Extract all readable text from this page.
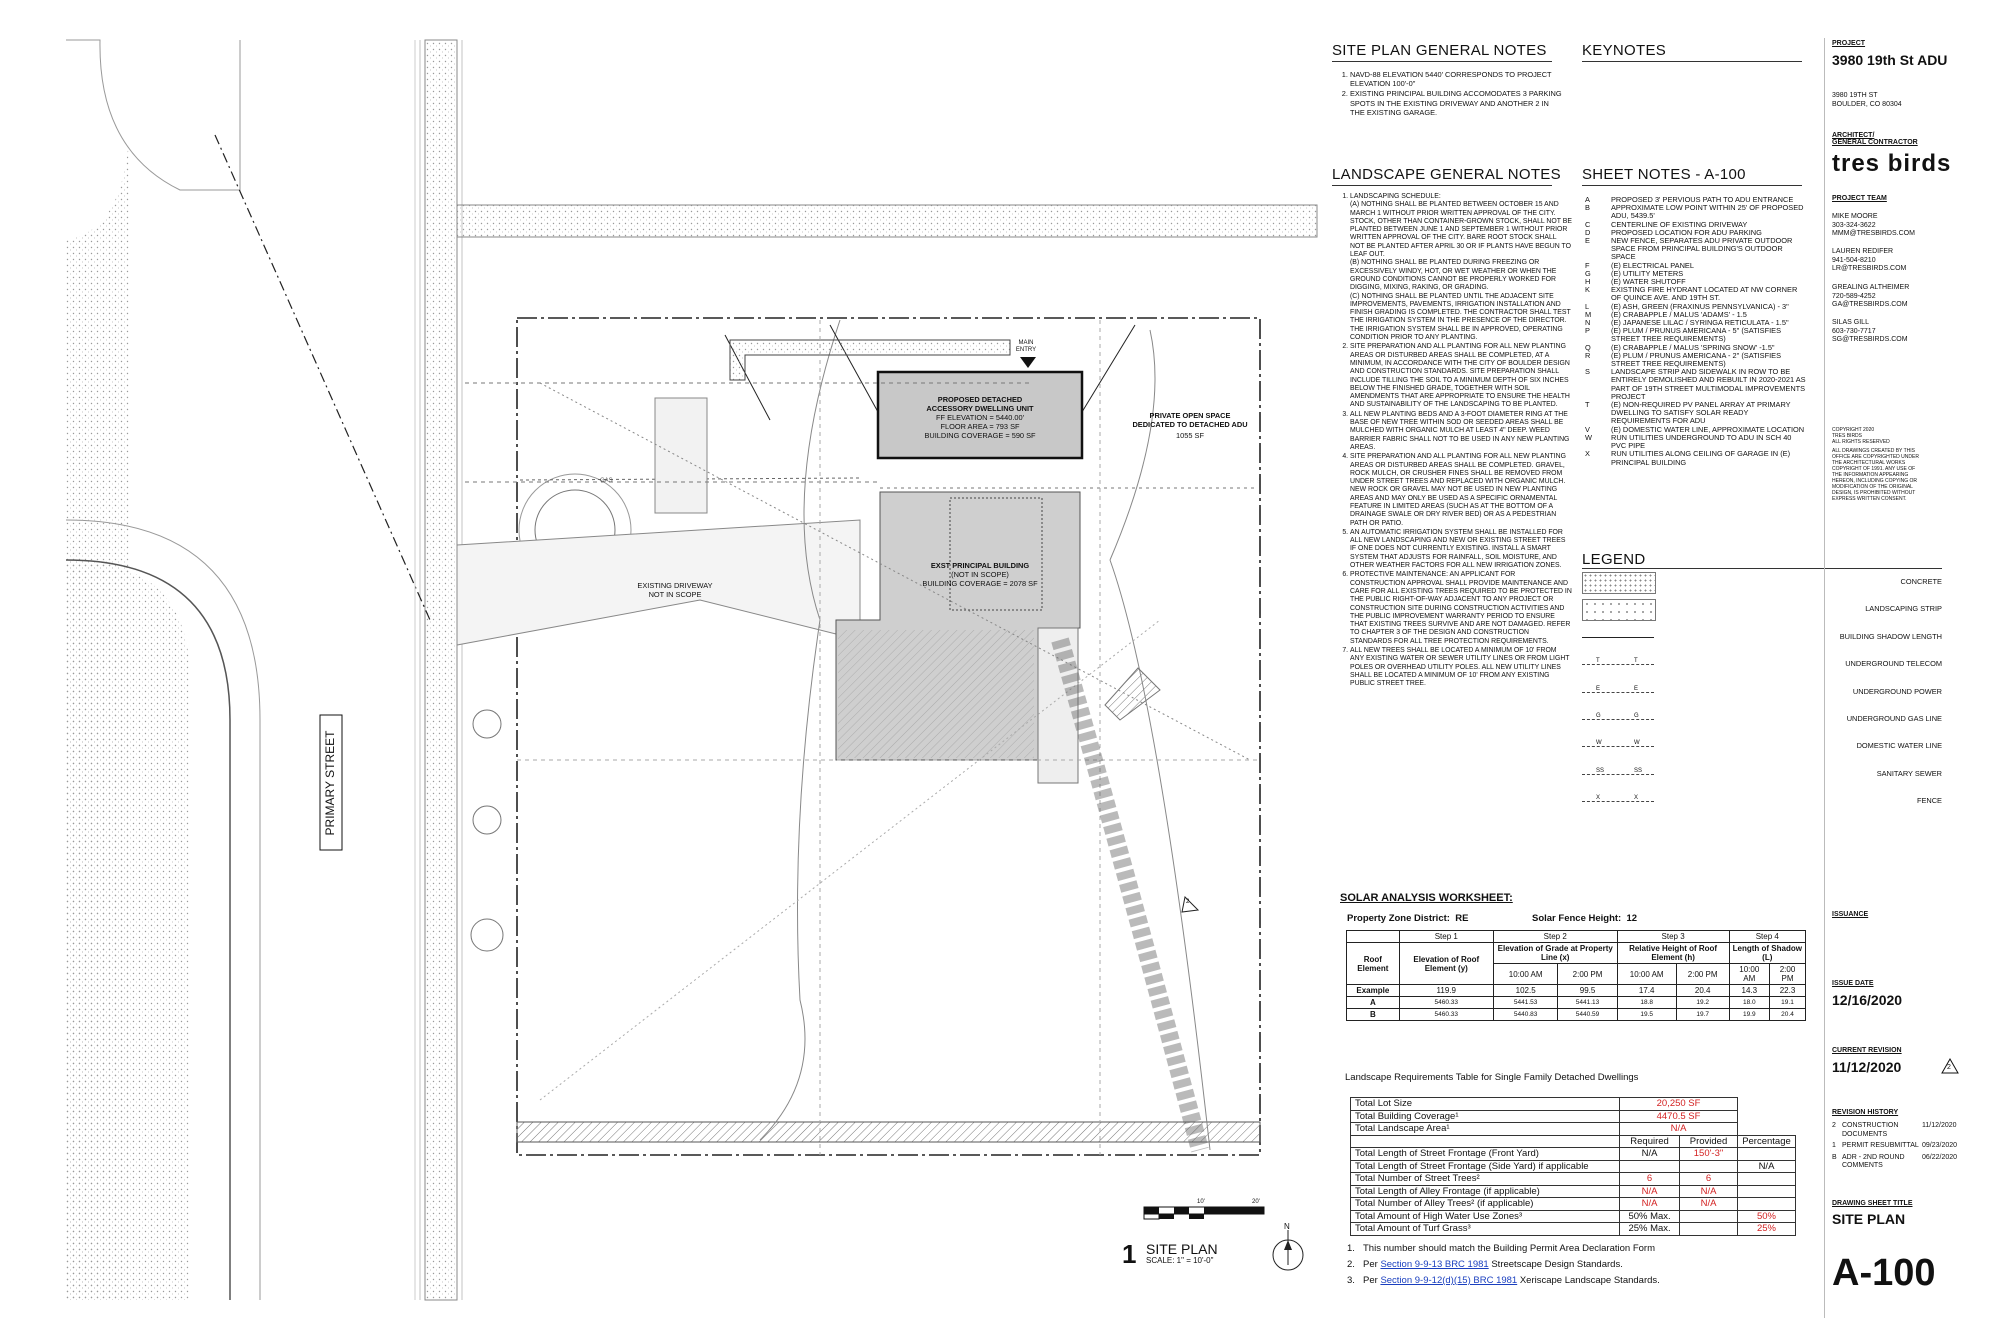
PRIMARY STREET
EXISTING DRIVEWAY
NOT IN SCOPE
PROPOSED DETACHED
ACCESSORY DWELLING UNIT
FF ELEVATION = 5440.00'
FLOOR AREA = 793 SF
BUILDING COVERAGE = 590 SF
MAIN
ENTRY
PRIVATE OPEN SPACE
DEDICATED TO DETACHED ADU
1055 SF
EXST PRINCIPAL BUILDING
(NOT IN SCOPE)
BUILDING COVERAGE = 2078 SF
GAS
2
N
10'	20'
1 SITE PLAN
SCALE: 1" = 10'-0"
SITE PLAN GENERAL NOTES
1. NAVD-88 ELEVATION 5440' CORRESPONDS TO PROJECT ELEVATION 100'-0"
2. EXISTING PRINCIPAL BUILDING ACCOMODATES 3 PARKING SPOTS IN THE EXISTING DRIVEWAY AND ANOTHER 2 IN THE EXISTING GARAGE.
KEYNOTES
LANDSCAPE GENERAL NOTES
1. LANDSCAPING SCHEDULE:
(A) NOTHING SHALL BE PLANTED BETWEEN OCTOBER 15 AND MARCH 1 WITHOUT PRIOR WRITTEN APPROVAL OF THE CITY. STOCK, OTHER THAN CONTAINER-GROWN STOCK, SHALL NOT BE PLANTED BETWEEN JUNE 1 AND SEPTEMBER 1 WITHOUT PRIOR WRITTEN APPROVAL OF THE CITY. BARE ROOT STOCK SHALL NOT BE PLANTED AFTER APRIL 30 OR IF PLANTS HAVE BEGUN TO LEAF OUT.
(B) NOTHING SHALL BE PLANTED DURING FREEZING OR EXCESSIVELY WINDY, HOT, OR WET WEATHER OR WHEN THE GROUND CONDITIONS CANNOT BE PROPERLY WORKED FOR DIGGING, MIXING, RAKING, OR GRADING.
(C) NOTHING SHALL BE PLANTED UNTIL THE ADJACENT SITE IMPROVEMENTS, PAVEMENTS, IRRIGATION INSTALLATION AND FINISH GRADING IS COMPLETED. THE CONTRACTOR SHALL TEST THE IRRIGATION SYSTEM IN THE PRESENCE OF THE DIRECTOR. THE IRRIGATION SYSTEM SHALL BE IN APPROVED, OPERATING CONDITION PRIOR TO ANY PLANTING.
2. SITE PREPARATION AND ALL PLANTING FOR ALL NEW PLANTING AREAS OR DISTURBED AREAS SHALL BE COMPLETED, AT A MINIMUM, IN ACCORDANCE WITH THE CITY OF BOULDER DESIGN AND CONSTRUCTION STANDARDS. SITE PREPARATION SHALL INCLUDE TILLING THE SOIL TO A MINIMUM DEPTH OF SIX INCHES BELOW THE FINISHED GRADE, TOGETHER WITH SOIL AMENDMENTS THAT ARE APPROPRIATE TO ENSURE THE HEALTH AND SUSTAINABILITY OF THE LANDSCAPING TO BE PLANTED.
3. ALL NEW PLANTING BEDS AND A 3-FOOT DIAMETER RING AT THE BASE OF NEW TREE WITHIN SOD OR SEEDED AREAS SHALL BE MULCHED WITH ORGANIC MULCH AT LEAST 4" DEEP. WEED BARRIER FABRIC SHALL NOT TO BE USED IN ANY NEW PLANTING AREAS.
4. SITE PREPARATION AND ALL PLANTING FOR ALL NEW PLANTING AREAS OR DISTURBED AREAS SHALL BE COMPLETED. GRAVEL, ROCK MULCH, OR CRUSHER FINES SHALL BE REMOVED FROM UNDER STREET TREES AND REPLACED WITH ORGANIC MULCH. NEW ROCK OR GRAVEL MAY NOT BE USED IN NEW PLANTING AREAS AND MAY ONLY BE USED AS A SPECIFIC ORNAMENTAL FEATURE IN LIMITED AREAS (SUCH AS AT THE BOTTOM OF A DRAINAGE SWALE OR DRY RIVER BED) OR AS A PEDESTRIAN PATH OR PATIO.
5. AN AUTOMATIC IRRIGATION SYSTEM SHALL BE INSTALLED FOR ALL NEW LANDSCAPING AND NEW OR EXISTING STREET TREES IF ONE DOES NOT CURRENTLY EXISTING. INSTALL A SMART SYSTEM THAT ADJUSTS FOR RAINFALL, SOIL MOISTURE, AND OTHER WEATHER FACTORS FOR ALL NEW IRRIGATION ZONES.
6. PROTECTIVE MAINTENANCE: AN APPLICANT FOR CONSTRUCTION APPROVAL SHALL PROVIDE MAINTENANCE AND CARE FOR ALL EXISTING TREES REQUIRED TO BE PROTECTED IN THE PUBLIC RIGHT-OF-WAY ADJACENT TO ANY PROJECT OR CONSTRUCTION SITE DURING CONSTRUCTION ACTIVITIES AND THE PUBLIC IMPROVEMENT WARRANTY PERIOD TO ENSURE THAT EXISTING TREES SURVIVE AND ARE NOT DAMAGED. REFER TO CHAPTER 3 OF THE DESIGN AND CONSTRUCTION STANDARDS FOR ALL TREE PROTECTION REQUIREMENTS.
7. ALL NEW TREES SHALL BE LOCATED A MINIMUM OF 10' FROM ANY EXISTING WATER OR SEWER UTILITY LINES OR FROM LIGHT POLES OR OVERHEAD UTILITY POLES. ALL NEW UTILITY LINES SHALL BE LOCATED A MINIMUM OF 10' FROM ANY EXISTING PUBLIC STREET TREE.
SHEET NOTES - A-100
A	PROPOSED 3' PERVIOUS PATH TO ADU ENTRANCE
B	APPROXIMATE LOW POINT WITHIN 25' OF PROPOSED ADU, 5439.5'
C	CENTERLINE OF EXISTING DRIVEWAY
D	PROPOSED LOCATION FOR ADU PARKING
E	NEW FENCE, SEPARATES ADU PRIVATE OUTDOOR SPACE FROM PRINCIPAL BUILDING'S OUTDOOR SPACE
F	(E) ELECTRICAL PANEL
G	(E) UTILITY METERS
H	(E) WATER SHUTOFF
K	EXISTING FIRE HYDRANT LOCATED AT NW CORNER OF QUINCE AVE. AND 19TH ST.
L	(E) ASH, GREEN (FRAXINUS PENNSYLVANICA) - 3"
M	(E) CRABAPPLE / MALUS 'ADAMS' - 1.5
N	(E) JAPANESE LILAC / SYRINGA RETICULATA - 1.5"
P	(E) PLUM / PRUNUS AMERICANA - 5" (SATISFIES STREET TREE REQUIREMENTS)
Q	(E) CRABAPPLE / MALUS 'SPRING SNOW' -1.5"
R	(E) PLUM / PRUNUS AMERICANA - 2" (SATISFIES STREET TREE REQUIREMENTS)
S	LANDSCAPE STRIP AND SIDEWALK IN ROW TO BE ENTIRELY DEMOLISHED AND REBUILT IN 2020-2021 AS PART OF 19TH STREET MULTIMODAL IMPROVEMENTS PROJECT
T	(E) NON-REQUIRED PV PANEL ARRAY AT PRIMARY DWELLING TO SATISFY SOLAR READY REQUIREMENTS FOR ADU
V	(E) DOMESTIC WATER LINE, APPROXIMATE LOCATION
W	RUN UTILITIES UNDERGROUND TO ADU IN SCH 40 PVC PIPE
X	RUN UTILITIES ALONG CEILING OF GARAGE IN (E) PRINCIPAL BUILDING
LEGEND
CONCRETE
LANDSCAPING STRIP
BUILDING SHADOW LENGTH
T	T	UNDERGROUND TELECOM
E	E	UNDERGROUND POWER
G	G	UNDERGROUND GAS LINE
W	W	DOMESTIC WATER LINE
SS	SS	SANITARY SEWER
X	X	FENCE
SOLAR ANALYSIS WORKSHEET:
Property Zone District: RE	Solar Fence Height: 12
	Step 1	Step 2		Step 3		Step 4	
Roof Element	Elevation of Roof Element (y)	Elevation of Grade at Property Line (x)		Relative Height of Roof Element (h)		Length of Shadow (L)	
		10:00 AM	2:00 PM	10:00 AM	2:00 PM	10:00 AM	2:00 PM
Example	119.9	102.5	99.5	17.4	20.4	14.3	22.3
A	5460.33	5441.53	5441.13	18.8	19.2	18.0	19.1
B	5460.33	5440.83	5440.59	19.5	19.7	19.9	20.4
Landscape Requirements Table for Single Family Detached Dwellings
Total Lot Size	20,250 SF		
Total Building Coverage¹	4470.5 SF		
Total Landscape Area¹	N/A		
	Required	Provided	Percentage
Total Length of Street Frontage (Front Yard)	N/A	150'-3"	
Total Length of Street Frontage (Side Yard) if applicable			N/A
Total Number of Street Trees²	6	6	
Total Length of Alley Frontage (if applicable)	N/A	N/A	
Total Number of Alley Trees² (if applicable)	N/A	N/A	
Total Amount of High Water Use Zones³	50% Max.		50%
Total Amount of Turf Grass³	25% Max.		25%
1. This number should match the Building Permit Area Declaration Form
2. Per Section 9-9-13 BRC 1981 Streetscape Design Standards.
3. Per Section 9-9-12(d)(15) BRC 1981 Xeriscape Landscape Standards.
PROJECT
3980 19th St ADU
3980 19TH ST
BOULDER, CO 80304
ARCHITECT/
GENERAL CONTRACTOR
tres birds
PROJECT TEAM
MIKE MOORE
303-324-3622
MMM@TRESBIRDS.COM
LAUREN REDIFER
941-504-8210
LR@TRESBIRDS.COM
GREALING ALTHEIMER
720-589-4252
GA@TRESBIRDS.COM
SILAS GILL
603-730-7717
SG@TRESBIRDS.COM
COPYRIGHT 2020
TRES BIRDS
ALL RIGHTS RESERVED
ALL DRAWINGS CREATED BY THIS OFFICE ARE COPYRIGHTED UNDER THE ARCHITECTURAL WORKS COPYRIGHT OF 1991. ANY USE OF THE INFORMATION APPEARING HEREON, INCLUDING COPYING OR MODIFICATION OF THE ORIGINAL DESIGN, IS PROHIBITED WITHOUT EXPRESS WRITTEN CONSENT.
ISSUANCE
ISSUE DATE
12/16/2020
CURRENT REVISION
11/12/2020	2
REVISION HISTORY
2 CONSTRUCTION DOCUMENTS
11/12/2020
1 PERMIT RESUBMITTAL 09/23/2020
B ADR - 2ND ROUND COMMENTS
06/22/2020
DRAWING SHEET TITLE
SITE PLAN
A-100
